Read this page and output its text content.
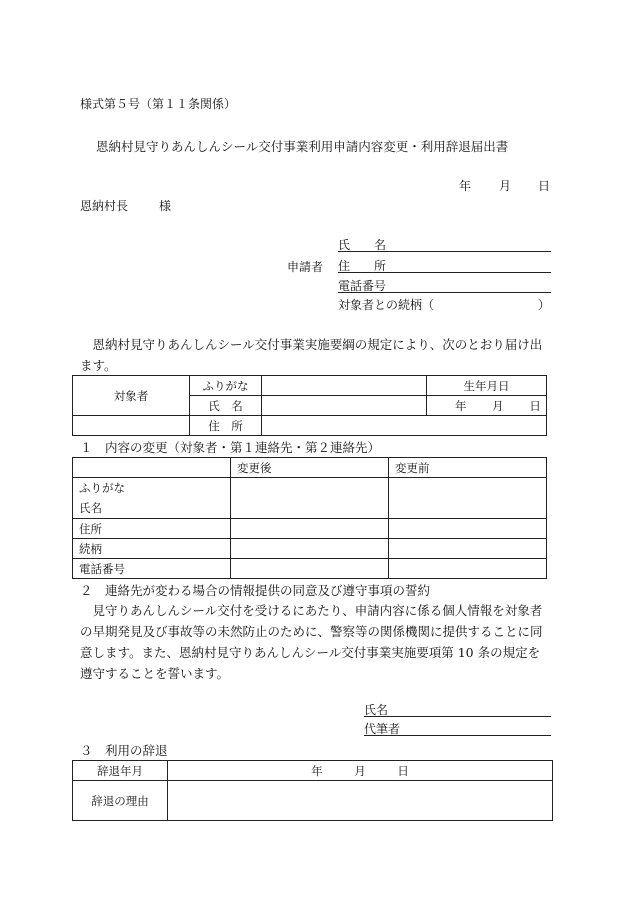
様式第５号（第１１条関係）
恩納村見守りあんしんシール交付事業利用申請内容変更・利用辞退届出書
年 月 日
恩納村長	様
申請者
氏　　名
住　　所
電話番号
対象者との続柄（	）
恩納村見守りあんしんシール交付事業実施要綱の規定により、次のとおり届け出ます。
対象者	ふりがな		生年月日
	氏　名		年 月 日
	住　所		
１　内容の変更（対象者・第１連絡先・第２連絡先）
	変更後	変更前

ふりがな
氏名		

住所		
続柄		
電話番号		
２　連絡先が変わる場合の情報提供の同意及び遵守事項の誓約
見守りあんしんシール交付を受けるにあたり、申請内容に係る個人情報を対象者の早期発見及び事故等の未然防止のために、警察等の関係機関に提供することに同意します。また、恩納村見守りあんしんシール交付事業実施要項第 10 条の規定を遵守することを誓います。
氏名
代筆者
３　利用の辞退
辞退年月	年 月 日
辞退の理由	
